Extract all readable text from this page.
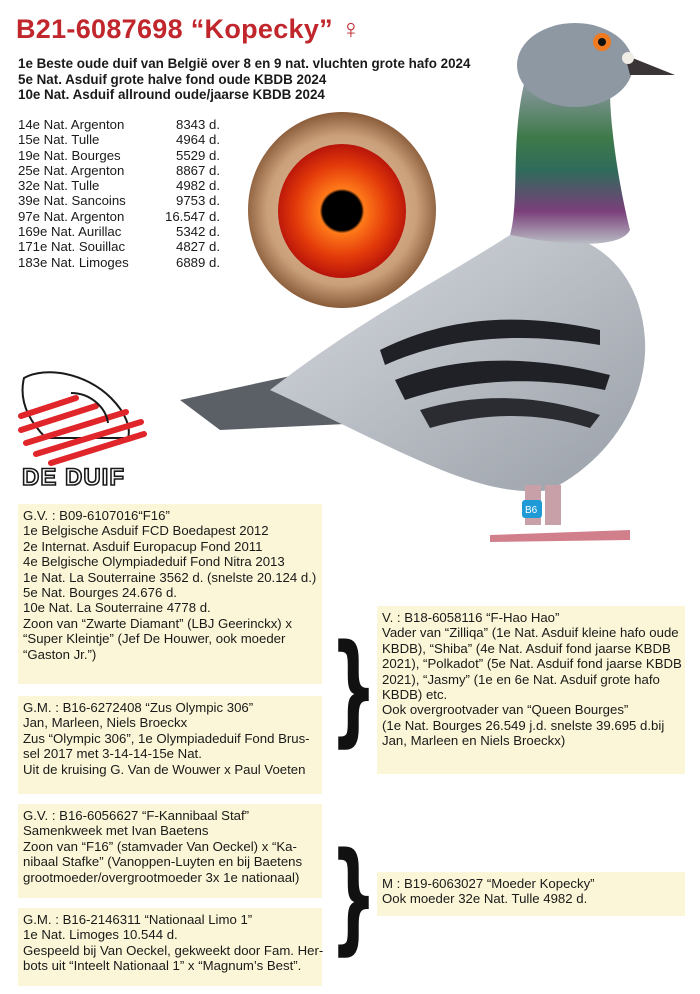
B21-6087698 “Kopecky” ♀
1e Beste oude duif van België over 8 en 9 nat. vluchten grote hafo 2024
5e Nat. Asduif grote halve fond oude KBDB 2024
10e Nat. Asduif allround oude/jaarse KBDB 2024
14e Nat. Argenton	8343 d.
15e Nat. Tulle	4964 d.
19e Nat. Bourges	5529 d.
25e Nat. Argenton	8867 d.
32e Nat. Tulle	4982 d.
39e Nat. Sancoins	9753 d.
97e Nat. Argenton	16.547 d.
169e Nat. Aurillac	5342 d.
171e Nat. Souillac	4827 d.
183e Nat. Limoges	6889 d.
B6
DE DUIF
G.V. : B09-6107016“F16”
1e Belgische Asduif FCD Boedapest 2012
2e Internat. Asduif Europacup Fond 2011
4e Belgische Olympiadeduif Fond Nitra 2013
1e Nat. La Souterraine 3562 d. (snelste 20.124 d.)
5e Nat. Bourges 24.676 d.
10e Nat. La Souterraine 4778 d.
Zoon van “Zwarte Diamant” (LBJ Geerinckx) x
“Super Kleintje” (Jef De Houwer, ook moeder
“Gaston Jr.”)
G.M. : B16-6272408 “Zus Olympic 306”
Jan, Marleen, Niels Broeckx
Zus “Olympic 306”, 1e Olympiadeduif Fond Brus-
sel 2017 met 3-14-14-15e Nat.
Uit de kruising G. Van de Wouwer x Paul Voeten
}
V. : B18-6058116 “F-Hao Hao”
Vader van “Zilliqa” (1e Nat. Asduif kleine hafo oude
KBDB), “Shiba” (4e Nat. Asduif fond jaarse KBDB
2021), “Polkadot” (5e Nat. Asduif fond jaarse KBDB
2021), “Jasmy” (1e en 6e Nat. Asduif grote hafo
KBDB) etc.
Ook overgrootvader van “Queen Bourges”
(1e Nat. Bourges 26.549 j.d. snelste 39.695 d.bij
Jan, Marleen en Niels Broeckx)
G.V. : B16-6056627 “F-Kannibaal Staf”
Samenkweek met Ivan Baetens
Zoon van “F16” (stamvader Van Oeckel) x “Ka-
nibaal Stafke” (Vanoppen-Luyten en bij Baetens
grootmoeder/overgrootmoeder 3x 1e nationaal)
G.M. : B16-2146311 “Nationaal Limo 1”
1e Nat. Limoges 10.544 d.
Gespeeld bij Van Oeckel, gekweekt door Fam. Her-
bots uit “Inteelt Nationaal 1” x “Magnum’s Best”. } M : B19-6063027 “Moeder Kopecky”
Ook moeder 32e Nat. Tulle 4982 d.
